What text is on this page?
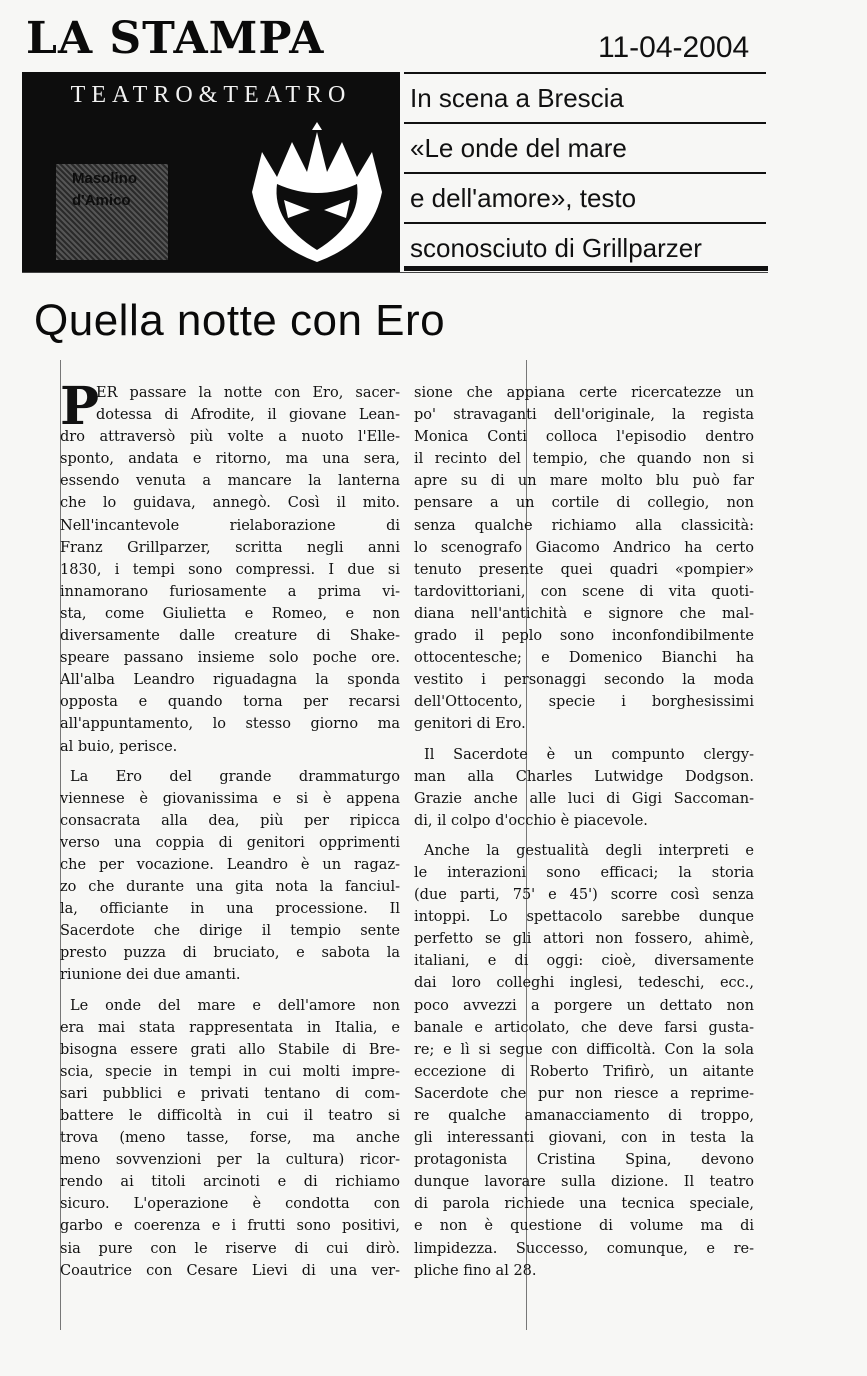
LA STAMPA	11-04-2004
TEATRO&TEATRO
Masolino d'Amico
In scena a Brescia
«Le onde del mare
e dell'amore», testo
sconosciuto di Grillparzer
Quella notte con Ero
P
ER passare la notte con Ero, sacer-
dotessa di Afrodite, il giovane Lean-
dro attraversò più volte a nuoto l'Elle-
sponto, andata e ritorno, ma una sera,
essendo venuta a mancare la lanterna
che lo guidava, annegò. Così il mito.
Nell'incantevole rielaborazione di
Franz Grillparzer, scritta negli anni
1830, i tempi sono compressi. I due si
innamorano furiosamente a prima vi-
sta, come Giulietta e Romeo, e non
diversamente dalle creature di Shake-
speare passano insieme solo poche ore.
All'alba Leandro riguadagna la sponda
opposta e quando torna per recarsi
all'appuntamento, lo stesso giorno ma
al buio, perisce.
La Ero del grande drammaturgo
viennese è giovanissima e si è appena
consacrata alla dea, più per ripicca
verso una coppia di genitori opprimenti
che per vocazione. Leandro è un ragaz-
zo che durante una gita nota la fanciul-
la, officiante in una processione. Il
Sacerdote che dirige il tempio sente
presto puzza di bruciato, e sabota la
riunione dei due amanti.
Le onde del mare e dell'amore non
era mai stata rappresentata in Italia, e
bisogna essere grati allo Stabile di Bre-
scia, specie in tempi in cui molti impre-
sari pubblici e privati tentano di com-
battere le difficoltà in cui il teatro si
trova (meno tasse, forse, ma anche
meno sovvenzioni per la cultura) ricor-
rendo ai titoli arcinoti e di richiamo
sicuro. L'operazione è condotta con
garbo e coerenza e i frutti sono positivi,
sia pure con le riserve di cui dirò.
Coautrice con Cesare Lievi di una ver-
sione che appiana certe ricercatezze un
po' stravaganti dell'originale, la regista
Monica Conti colloca l'episodio dentro
il recinto del tempio, che quando non si
apre su di un mare molto blu può far
pensare a un cortile di collegio, non
senza qualche richiamo alla classicità:
lo scenografo Giacomo Andrico ha certo
tenuto presente quei quadri «pompier»
tardovittoriani, con scene di vita quoti-
diana nell'antichità e signore che mal-
grado il peplo sono inconfondibilmente
ottocentesche; e Domenico Bianchi ha
vestito i personaggi secondo la moda
dell'Ottocento, specie i borghesissimi
genitori di Ero.
Il Sacerdote è un compunto clergy-
man alla Charles Lutwidge Dodgson.
Grazie anche alle luci di Gigi Saccoman-
di, il colpo d'occhio è piacevole.
Anche la gestualità degli interpreti e
le interazioni sono efficaci; la storia
(due parti, 75' e 45') scorre così senza
intoppi. Lo spettacolo sarebbe dunque
perfetto se gli attori non fossero, ahimè,
italiani, e di oggi: cioè, diversamente
dai loro colleghi inglesi, tedeschi, ecc.,
poco avvezzi a porgere un dettato non
banale e articolato, che deve farsi gusta-
re; e lì si segue con difficoltà. Con la sola
eccezione di Roberto Trifirò, un aitante
Sacerdote che pur non riesce a reprime-
re qualche amanacciamento di troppo,
gli interessanti giovani, con in testa la
protagonista Cristina Spina, devono
dunque lavorare sulla dizione. Il teatro
di parola richiede una tecnica speciale,
e non è questione di volume ma di
limpidezza. Successo, comunque, e re-
pliche fino al 28.
